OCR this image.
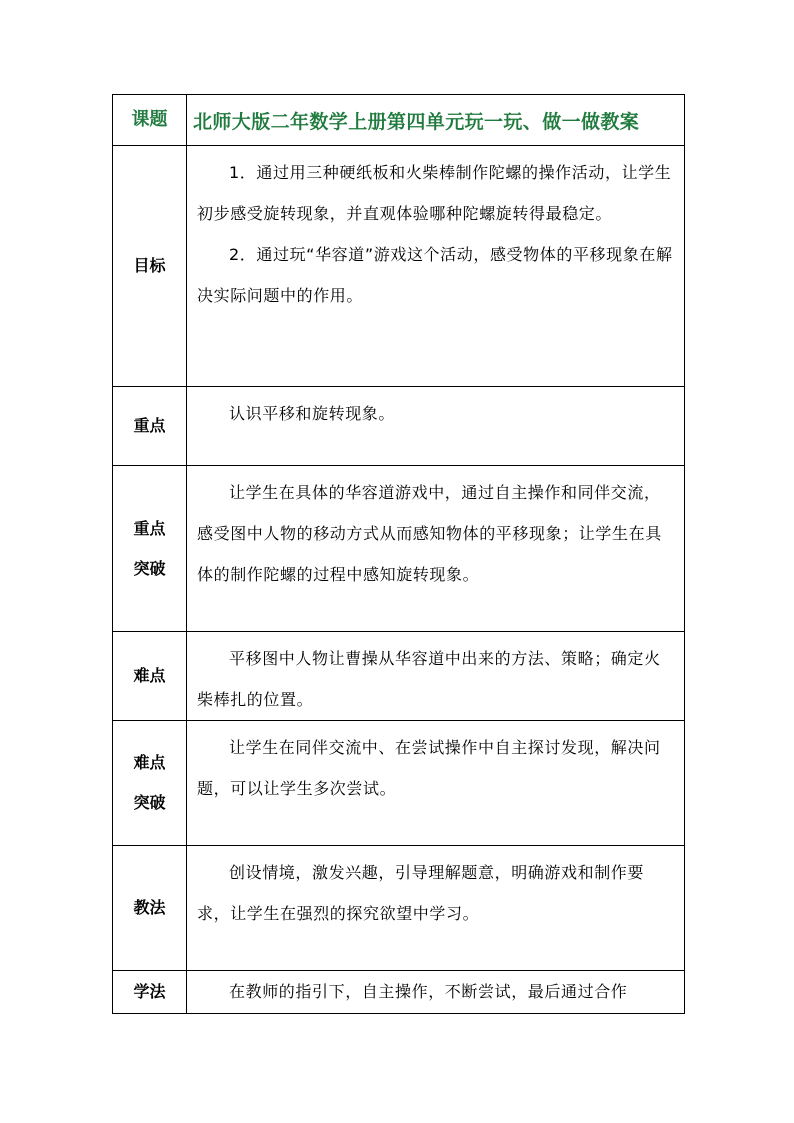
课题	北师大版二年数学上册第四单元玩一玩、做一做教案

目标	1．通过用三种硬纸板和火柴棒制作陀螺的操作活动，让学生初步感受旋转现象，并直观体验哪种陀螺旋转得最稳定。

2．通过玩“华容道”游戏这个活动，感受物体的平移现象在解决实际问题中的作用。

重点	认识平移和旋转现象。

重点
突破	让学生在具体的华容道游戏中，通过自主操作和同伴交流，感受图中人物的移动方式从而感知物体的平移现象；让学生在具体的制作陀螺的过程中感知旋转现象。

难点	平移图中人物让曹操从华容道中出来的方法、策略；确定火柴棒扎的位置。

难点
突破	让学生在同伴交流中、在尝试操作中自主探讨发现，解决问题，可以让学生多次尝试。

教法	创设情境，激发兴趣，引导理解题意，明确游戏和制作要求，让学生在强烈的探究欲望中学习。

学法	在教师的指引下，自主操作，不断尝试，最后通过合作
